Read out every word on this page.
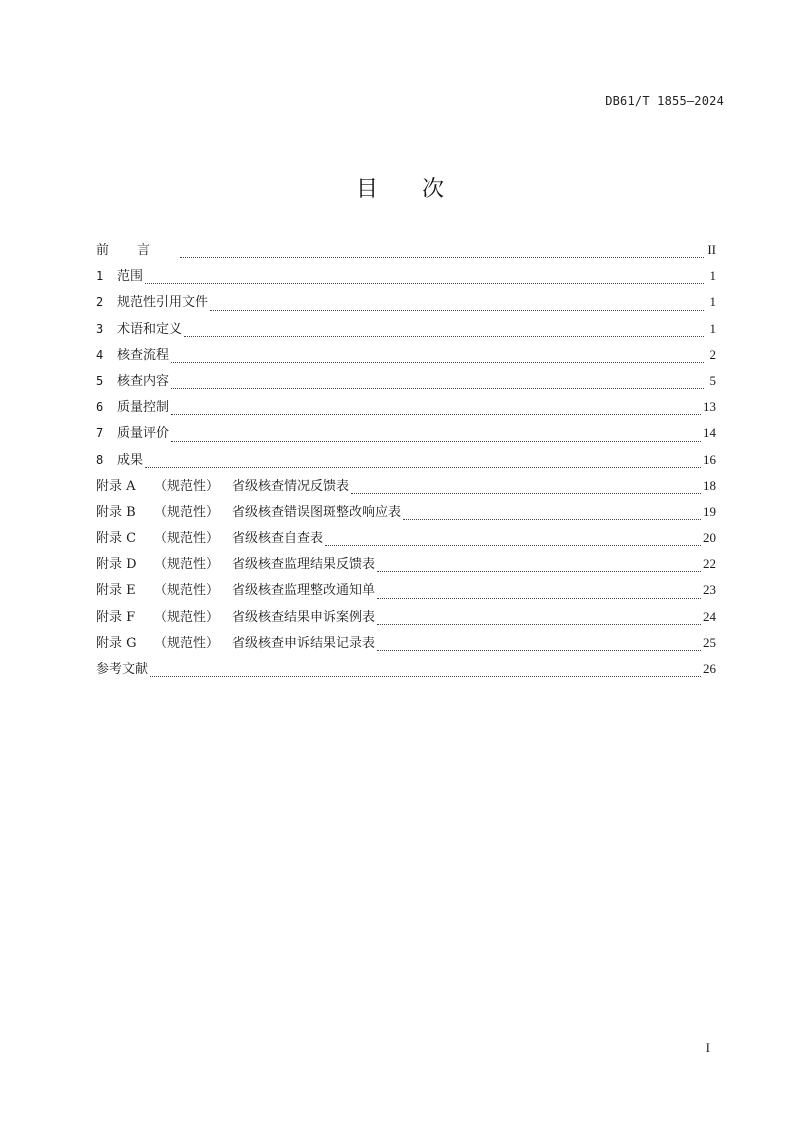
DB61/T 1855—2024
目 次
前言	II
1	范围	1
2	规范性引用文件	1
3	术语和定义	1
4	核查流程	2
5	核查内容	5
6	质量控制	13
7	质量评价	14
8	成果	16
附录 A	（规范性） 省级核查情况反馈表	18
附录 B	（规范性） 省级核查错误图斑整改响应表	19
附录 C	（规范性） 省级核查自查表	20
附录 D	（规范性） 省级核查监理结果反馈表	22
附录 E	（规范性） 省级核查监理整改通知单	23
附录 F	（规范性） 省级核查结果申诉案例表	24
附录 G	（规范性） 省级核查申诉结果记录表	25
参考文献	26
I
